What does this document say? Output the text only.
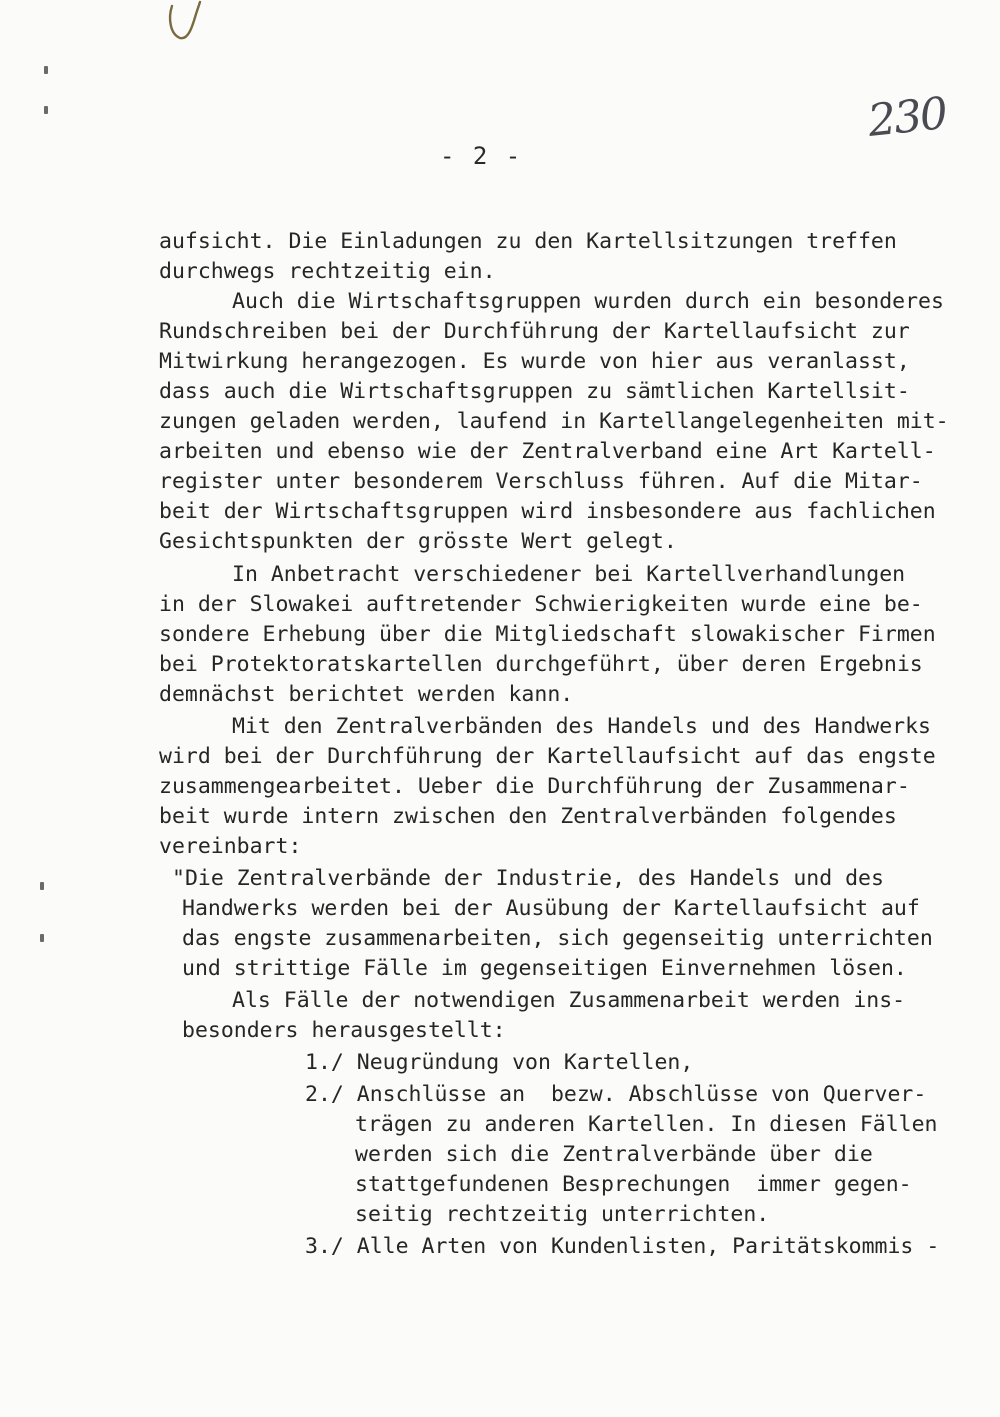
230
- 2 -
aufsicht. Die Einladungen zu den Kartellsitzungen treffen
durchwegs rechtzeitig ein.
Auch die Wirtschaftsgruppen wurden durch ein besonderes
Rundschreiben bei der Durchführung der Kartellaufsicht zur
Mitwirkung herangezogen. Es wurde von hier aus veranlasst,
dass auch die Wirtschaftsgruppen zu sämtlichen Kartellsit-
zungen geladen werden, laufend in Kartellangelegenheiten mit-
arbeiten und ebenso wie der Zentralverband eine Art Kartell-
register unter besonderem Verschluss führen. Auf die Mitar-
beit der Wirtschaftsgruppen wird insbesondere aus fachlichen
Gesichtspunkten der grösste Wert gelegt.
In Anbetracht verschiedener bei Kartellverhandlungen
in der Slowakei auftretender Schwierigkeiten wurde eine be-
sondere Erhebung über die Mitgliedschaft slowakischer Firmen
bei Protektoratskartellen durchgeführt, über deren Ergebnis
demnächst berichtet werden kann.
Mit den Zentralverbänden des Handels und des Handwerks
wird bei der Durchführung der Kartellaufsicht auf das engste
zusammengearbeitet. Ueber die Durchführung der Zusammenar-
beit wurde intern zwischen den Zentralverbänden folgendes
vereinbart:
"Die Zentralverbände der Industrie, des Handels und des
Handwerks werden bei der Ausübung der Kartellaufsicht auf
das engste zusammenarbeiten, sich gegenseitig unterrichten
und strittige Fälle im gegenseitigen Einvernehmen lösen.
Als Fälle der notwendigen Zusammenarbeit werden ins-
besonders herausgestellt:
1./ Neugründung von Kartellen,
2./ Anschlüsse an  bezw. Abschlüsse von Querver-
trägen zu anderen Kartellen. In diesen Fällen
werden sich die Zentralverbände über die
stattgefundenen Besprechungen  immer gegen-
seitig rechtzeitig unterrichten.
3./ Alle Arten von Kundenlisten, Paritätskommis -
